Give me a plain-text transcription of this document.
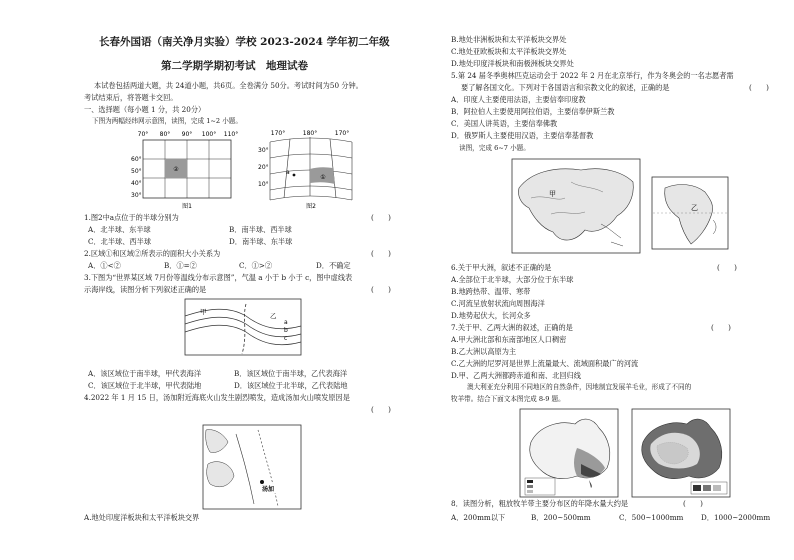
长春外国语（南关净月实验）学校 2023-2024 学年初二年级
第二学期学期初考试　地理试卷
本试卷包括两道大题，共 24道小题，共6页。全卷满分 50分。考试时间为50 分钟。
考试结束后，将答题卡交回。
一、选择题（每小题 1 分，共 20分）
下图为两幅经纬网示意图，读图，完成 1~2 小题。
70° 80° 90° 100° 110°
60°
50°
40°
30°
②
图1
170°	180°	170°
30°
20°
10°
①
a
图2
1.图2中a点位于的半球分别为	(　　)
A．北半球、东半球	B．南半球、西半球
C．北半球、西半球	D．南半球、东半球
2.区域①和区域②所表示的面积大小关系为	(　　)
A．①<②	B．①=②	C．①>②	D．不确定
3.下图为“世界某区域 7月份等温线分布示意图”，气温 a 小于 b 小于 c，图中虚线表
示海岸线，读图分析下列叙述正确的是	(　　)
甲	乙
a
b
c
A．该区域位于南半球，甲代表海洋	B．该区域位于南半球，乙代表海洋
C．该区域位于北半球，甲代表陆地	D．该区域位于北半球，乙代表陆地
4.2022 年 1 月 15 日，汤加附近海底火山发生剧烈喷发，造成汤加火山喷发原因是
(　　)
汤加
A.地处印度洋板块和太平洋板块交界
B.地处非洲板块和太平洋板块交界处
C.地处亚欧板块和太平洋板块交界处
D.地处印度洋板块和南极洲板块交界处
5.第 24 届冬季奥林匹克运动会于 2022 年 2 月在北京举行，作为冬奥会的一名志愿者需
要了解各国文化。下列对于各国语言和宗教文化的叙述，正确的是	(　　)
A．印度人主要使用法语，主要信奉印度教
B．阿拉伯人主要使用阿拉伯语，主要信奉伊斯兰教
C．美国人讲英语，主要信奉佛教
D．俄罗斯人主要使用汉语，主要信奉基督教
读图，完成 6~7 小题。
甲
乙
6.关于甲大洲，叙述不正确的是	(　　)
A.全部位于北半球，大部分位于东半球
B.地跨热带、温带、寒带
C.河流呈放射状流向周围海洋
D.地势起伏大，长河众多
7.关于甲、乙两大洲的叙述，正确的是	(　　)
A.甲大洲北部和东南部地区人口稠密
B.乙大洲以高原为主
C.乙大洲的尼罗河是世界上流量最大、流域面积最广的河流
D.甲、乙两大洲都跨赤道和南、北回归线
澳大利亚充分利用不同地区的自然条件，因地制宜发展羊毛业，形成了不同的
牧羊带。结合下面文本图完成 8-9 题。
8．读图分析，粗放牧羊带主要分布区的年降水量大约是	(　　)
A．200mm以下	B．200~500mm	C．500~1000mm D．1000~2000mm
